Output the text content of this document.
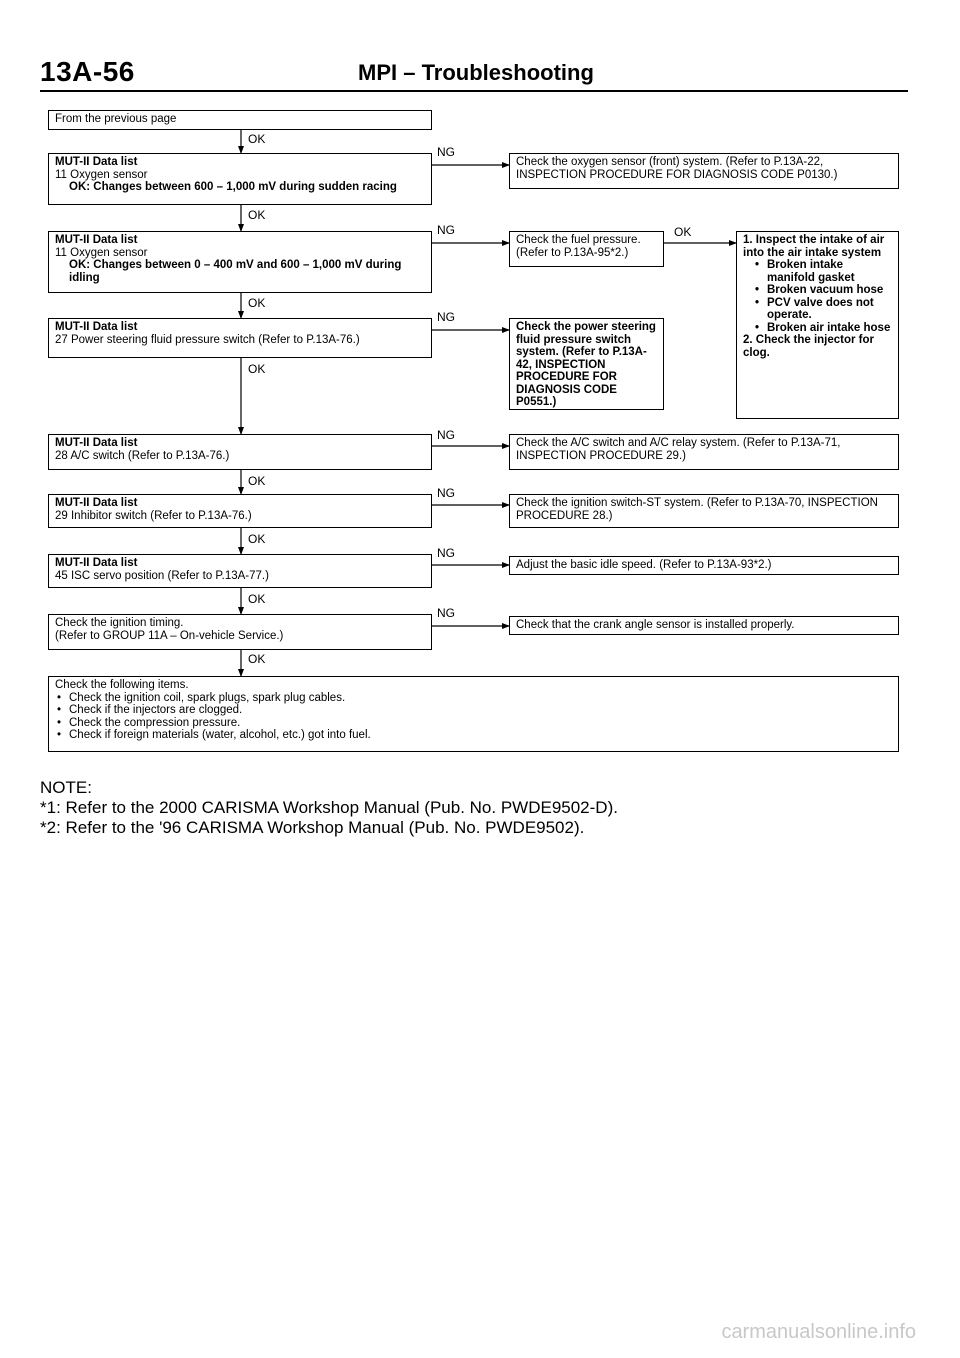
13A-56	MPI – Troubleshooting
From the previous page
OK
OK
OK
OK
OK
OK
OK
OK
OK
NG
NG
NG
NG
NG
NG
NG
MUT-II Data list
11 Oxygen sensor
OK: Changes between 600 – 1,000 mV during sudden racing
Check the oxygen sensor (front) system. (Refer to P.13A-22, INSPECTION PROCEDURE FOR DIAGNOSIS CODE P0130.)
MUT-II Data list
11 Oxygen sensor
OK: Changes between 0 – 400 mV and 600 – 1,000 mV during idling
Check the fuel pressure. (Refer to P.13A-95*2.)
1. Inspect the intake of air into the air intake system
• Broken intake manifold gasket
• Broken vacuum hose
• PCV valve does not operate.
• Broken air intake hose
2. Check the injector for clog.
MUT-II Data list
27 Power steering fluid pressure switch (Refer to P.13A-76.)
Check the power steering fluid pressure switch system. (Refer to P.13A-42, INSPECTION PROCEDURE FOR DIAGNOSIS CODE P0551.)
MUT-II Data list
28 A/C switch (Refer to P.13A-76.)
Check the A/C switch and A/C relay system. (Refer to P.13A-71, INSPECTION PROCEDURE 29.)
MUT-II Data list
29 Inhibitor switch (Refer to P.13A-76.)
Check the ignition switch-ST system. (Refer to P.13A-70, INSPECTION PROCEDURE 28.)
MUT-II Data list
45 ISC servo position (Refer to P.13A-77.)
Adjust the basic idle speed. (Refer to P.13A-93*2.)
Check the ignition timing.
(Refer to GROUP 11A – On-vehicle Service.)
Check that the crank angle sensor is installed properly.
Check the following items.
• Check the ignition coil, spark plugs, spark plug cables.
• Check if the injectors are clogged.
• Check the compression pressure.
• Check if foreign materials (water, alcohol, etc.) got into fuel.
NOTE:
*1: Refer to the 2000 CARISMA Workshop Manual (Pub. No. PWDE9502-D).
*2: Refer to the '96 CARISMA Workshop Manual (Pub. No. PWDE9502).
carmanualsonline.info
